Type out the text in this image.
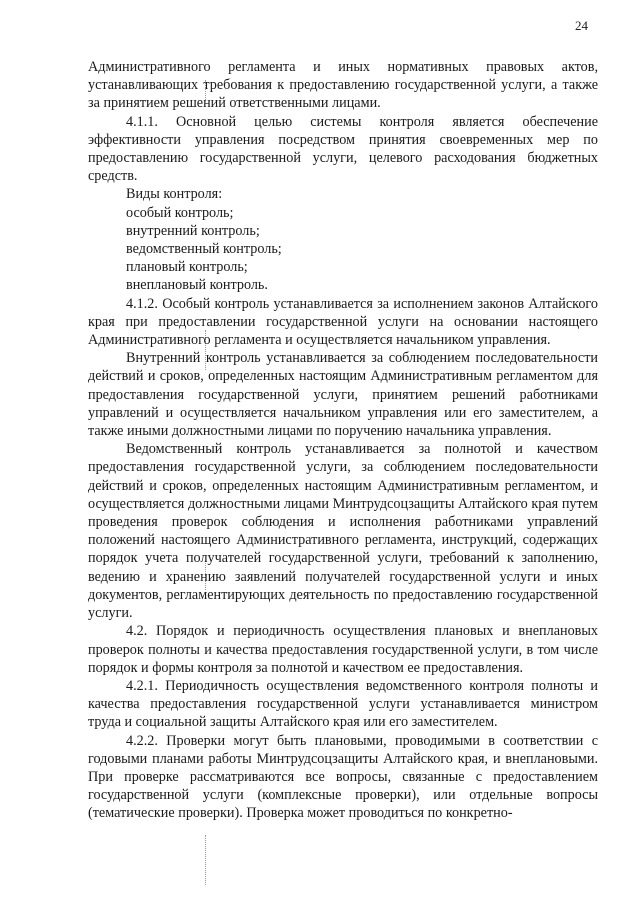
24

Административного регламента и иных нормативных правовых актов, устанавливающих требования к предоставлению государственной услуги, а также за принятием решений ответственными лицами.

4.1.1. Основной целью системы контроля является обеспечение эффективности управления посредством принятия своевременных мер по предоставлению государственной услуги, целевого расходования бюджетных средств.

Виды контроля:

особый контроль;

внутренний контроль;

ведомственный контроль;

плановый контроль;

внеплановый контроль.

4.1.2. Особый контроль устанавливается за исполнением законов Алтайского края при предоставлении государственной услуги на основании настоящего Административного регламента и осуществляется начальником управления.

Внутренний контроль устанавливается за соблюдением последовательности действий и сроков, определенных настоящим Административным регламентом для предоставления государственной услуги, принятием решений работниками управлений и осуществляется начальником управления или его заместителем, а также иными должностными лицами по поручению начальника управления.

Ведомственный контроль устанавливается за полнотой и качеством предоставления государственной услуги, за соблюдением последовательности действий и сроков, определенных настоящим Административным регламентом, и осуществляется должностными лицами Минтрудсоцзащиты Алтайского края путем проведения проверок соблюдения и исполнения работниками управлений положений настоящего Административного регламента, инструкций, содержащих порядок учета получателей государственной услуги, требований к заполнению, ведению и хранению заявлений получателей государственной услуги и иных документов, регламентирующих деятельность по предоставлению государственной услуги.

4.2. Порядок и периодичность осуществления плановых и внеплановых проверок полноты и качества предоставления государственной услуги, в том числе порядок и формы контроля за полнотой и качеством ее предоставления.

4.2.1. Периодичность осуществления ведомственного контроля полноты и качества предоставления государственной услуги устанавливается министром труда и социальной защиты Алтайского края или его заместителем.

4.2.2. Проверки могут быть плановыми, проводимыми в соответствии с годовыми планами работы Минтрудсоцзащиты Алтайского края, и внеплановыми. При проверке рассматриваются все вопросы, связанные с предоставлением государственной услуги (комплексные проверки), или отдельные вопросы (тематические проверки). Проверка может проводиться по конкретно-
